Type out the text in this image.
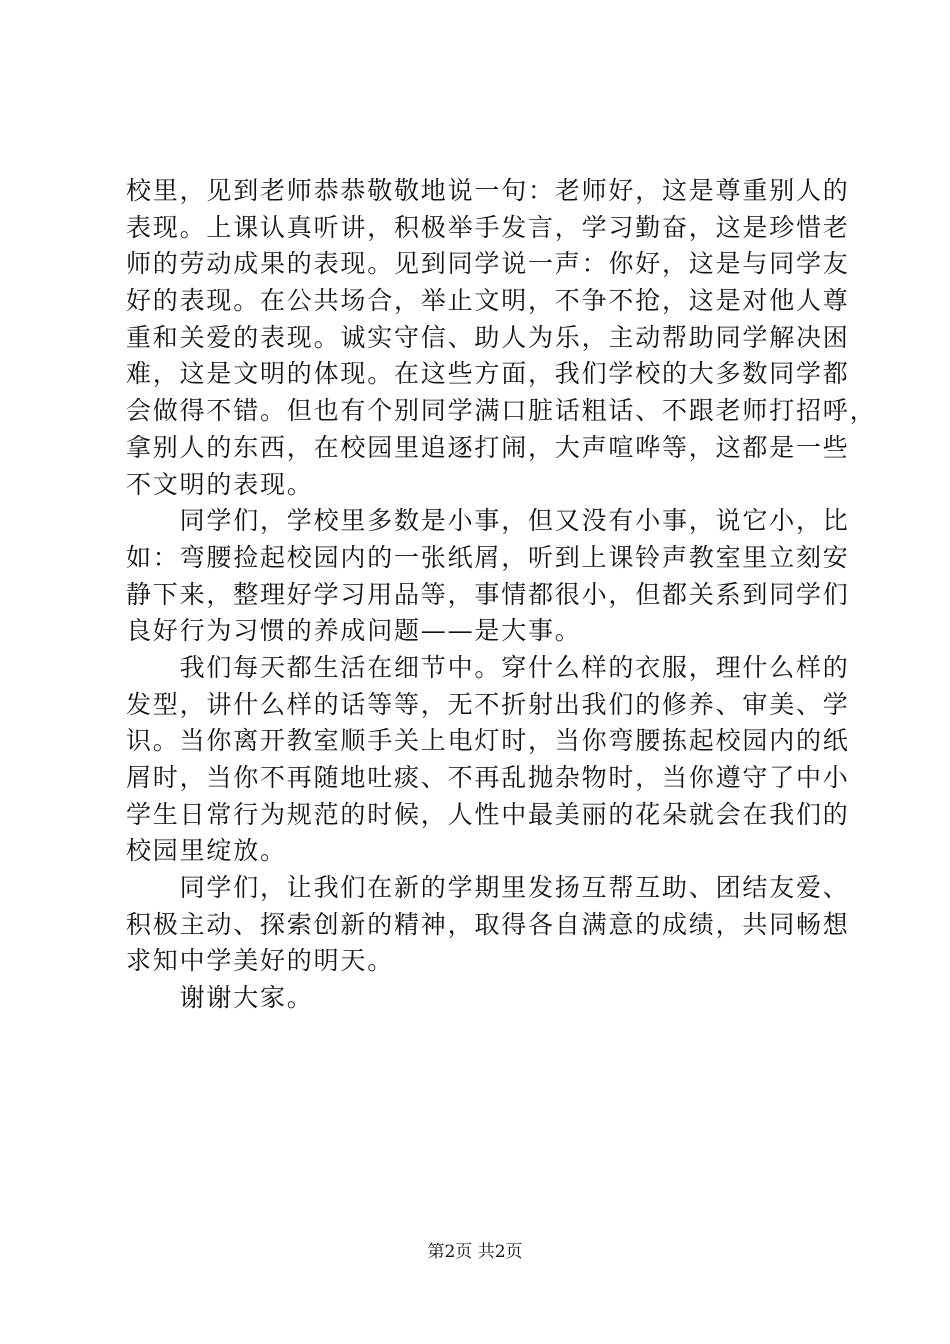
校里，见到老师恭恭敬敬地说一句：老师好，这是尊重别人的
表现。上课认真听讲，积极举手发言，学习勤奋，这是珍惜老
师的劳动成果的表现。见到同学说一声：你好，这是与同学友
好的表现。在公共场合，举止文明，不争不抢，这是对他人尊
重和关爱的表现。诚实守信、助人为乐，主动帮助同学解决困
难，这是文明的体现。在这些方面，我们学校的大多数同学都
会做得不错。但也有个别同学满口脏话粗话、不跟老师打招呼，
拿别人的东西，在校园里追逐打闹，大声喧哗等，这都是一些
不文明的表现。
　　同学们，学校里多数是小事，但又没有小事，说它小，比
如：弯腰捡起校园内的一张纸屑，听到上课铃声教室里立刻安
静下来，整理好学习用品等，事情都很小，但都关系到同学们
良好行为习惯的养成问题——是大事。
　　我们每天都生活在细节中。穿什么样的衣服，理什么样的
发型，讲什么样的话等等，无不折射出我们的修养、审美、学
识。当你离开教室顺手关上电灯时，当你弯腰拣起校园内的纸
屑时，当你不再随地吐痰、不再乱抛杂物时，当你遵守了中小
学生日常行为规范的时候，人性中最美丽的花朵就会在我们的
校园里绽放。
　　同学们，让我们在新的学期里发扬互帮互助、团结友爱、
积极主动、探索创新的精神，取得各自满意的成绩，共同畅想
求知中学美好的明天。
　　谢谢大家。
第2页 共2页
